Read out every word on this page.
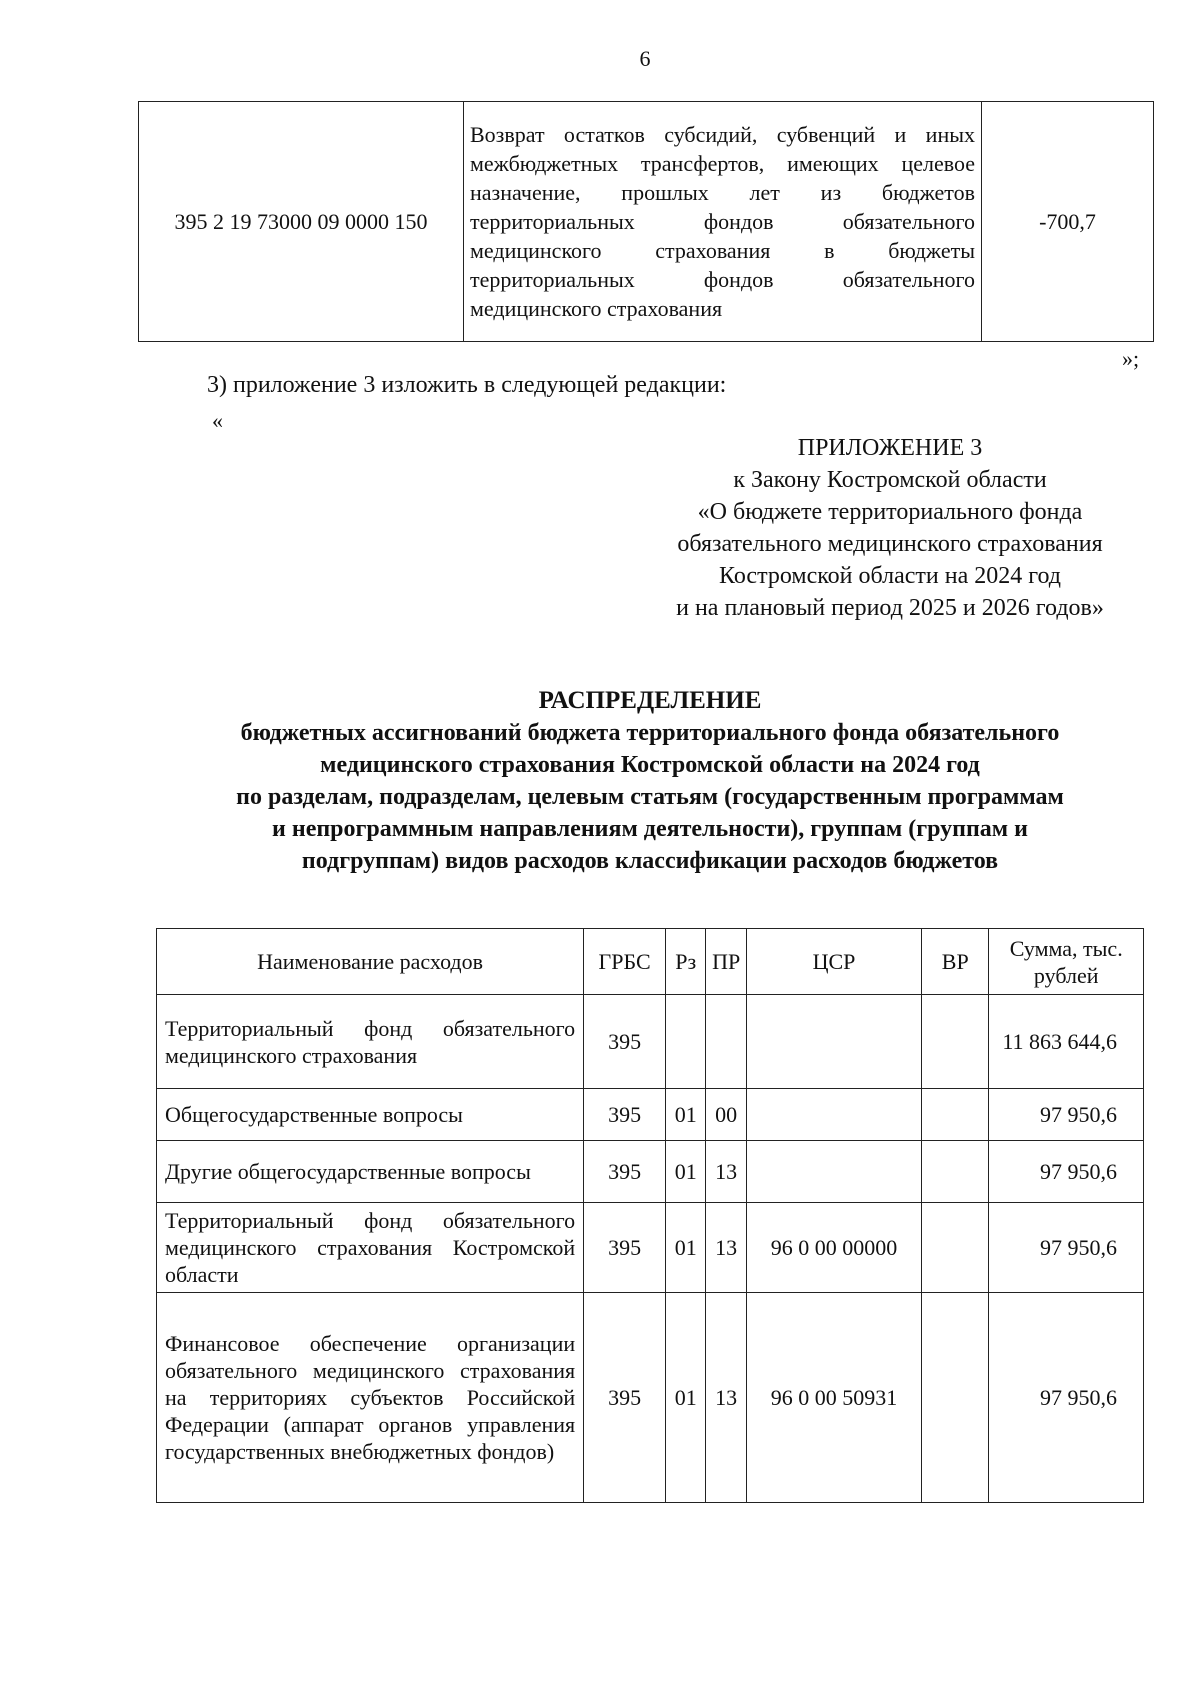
6
395 2 19 73000 09 0000 150	Возврат остатков субсидий, субвенций и иных межбюджетных трансфертов, имеющих целевое назначение, прошлых лет из бюджетов территориальных фондов обязательного медицинского страхования в бюджеты территориальных фондов обязательного медицинского страхования	-700,7
»;
3) приложение 3 изложить в следующей редакции:
«
ПРИЛОЖЕНИЕ 3
к Закону Костромской области
«О бюджете территориального фонда
обязательного медицинского страхования
Костромской области на 2024 год
и на плановый период 2025 и 2026 годов»
РАСПРЕДЕЛЕНИЕ
бюджетных ассигнований бюджета территориального фонда обязательного
медицинского страхования Костромской области на 2024 год
по разделам, подразделам, целевым статьям (государственным программам
и непрограммным направлениям деятельности), группам (группам и
подгруппам) видов расходов классификации расходов бюджетов
Наименование расходов	ГРБС	Рз	ПР	ЦСР	ВР	Сумма, тыс. рублей
Территориальный фонд обязательного медицинского страхования	395					11 863 644,6
Общегосударственные вопросы	395	01	00			97 950,6
Другие общегосударственные вопросы	395	01	13			97 950,6
Территориальный фонд обязательного медицинского страхования Костромской области	395	01	13	96 0 00 00000		97 950,6
Финансовое обеспечение организации обязательного медицинского страхования на территориях субъектов Российской Федерации (аппарат органов управления государственных внебюджетных фондов)	395	01	13	96 0 00 50931		97 950,6
